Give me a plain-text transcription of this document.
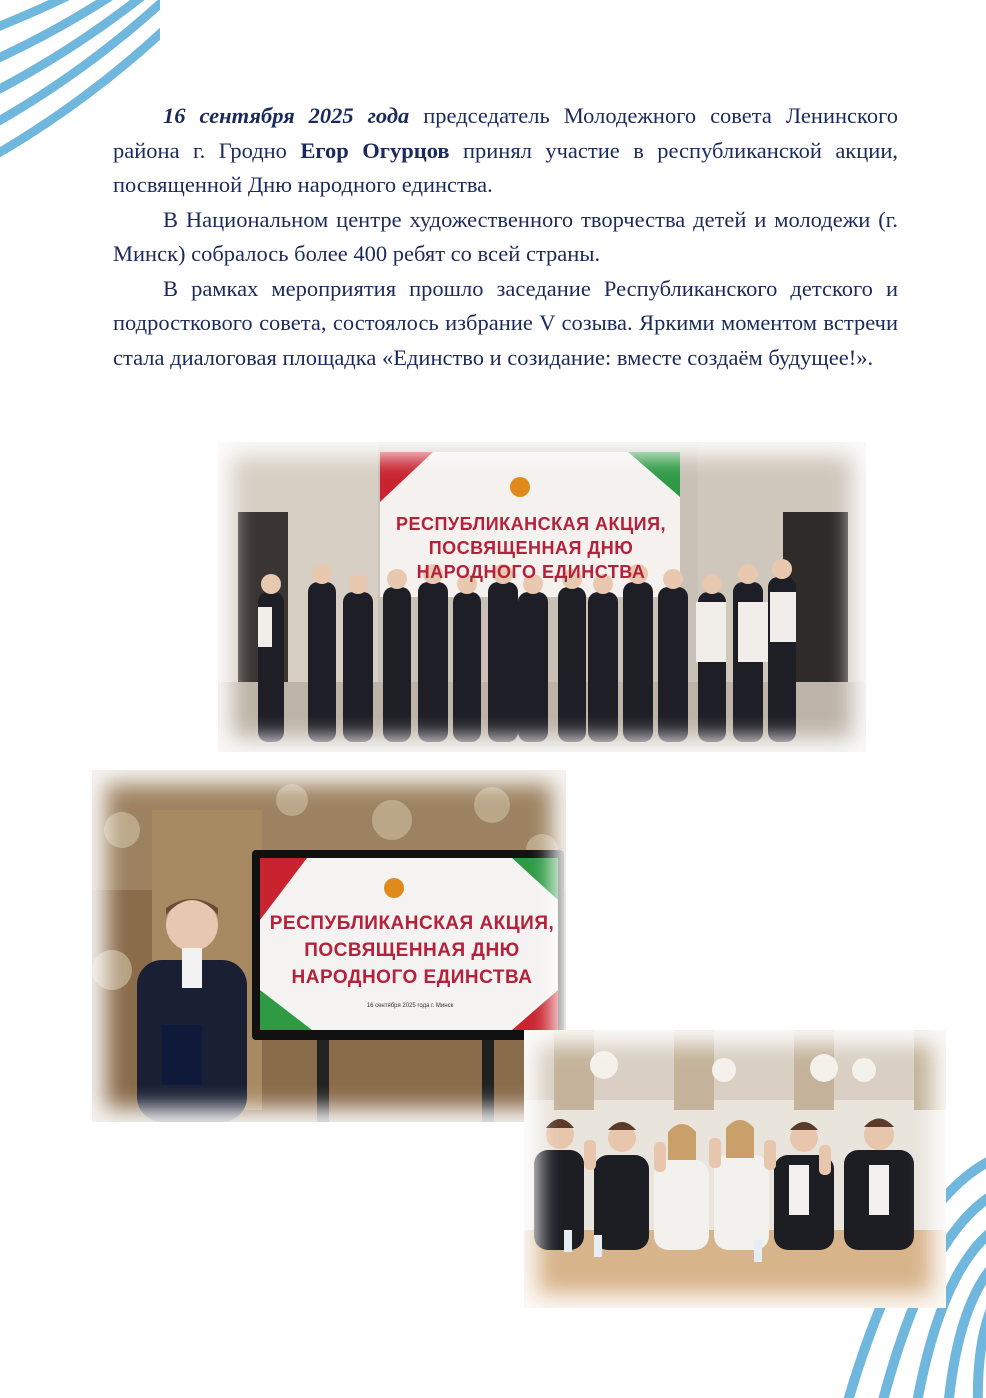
16 сентября 2025 года председатель Молодежного совета Ленинского района г. Гродно Егор Огурцов принял участие в республиканской акции, посвященной Дню народного единства.

В Национальном центре художественного творчества детей и молодежи (г. Минск) собралось более 400 ребят со всей страны.

В рамках мероприятия прошло заседание Республиканского детского и подросткового совета, состоялось избрание V созыва. Яркими моментом встречи стала диалоговая площадка «Единство и созидание: вместе создаём будущее!».

РЕСПУБЛИКАНСКАЯ АКЦИЯ, ПОСВЯЩЕННАЯ ДНЮ НАРОДНОГО ЕДИНСТВА
РЕСПУБЛИКАНСКАЯ АКЦИЯ, ПОСВЯЩЕННАЯ ДНЮ НАРОДНОГО ЕДИНСТВА
16 сентября 2025 года г. Минск
